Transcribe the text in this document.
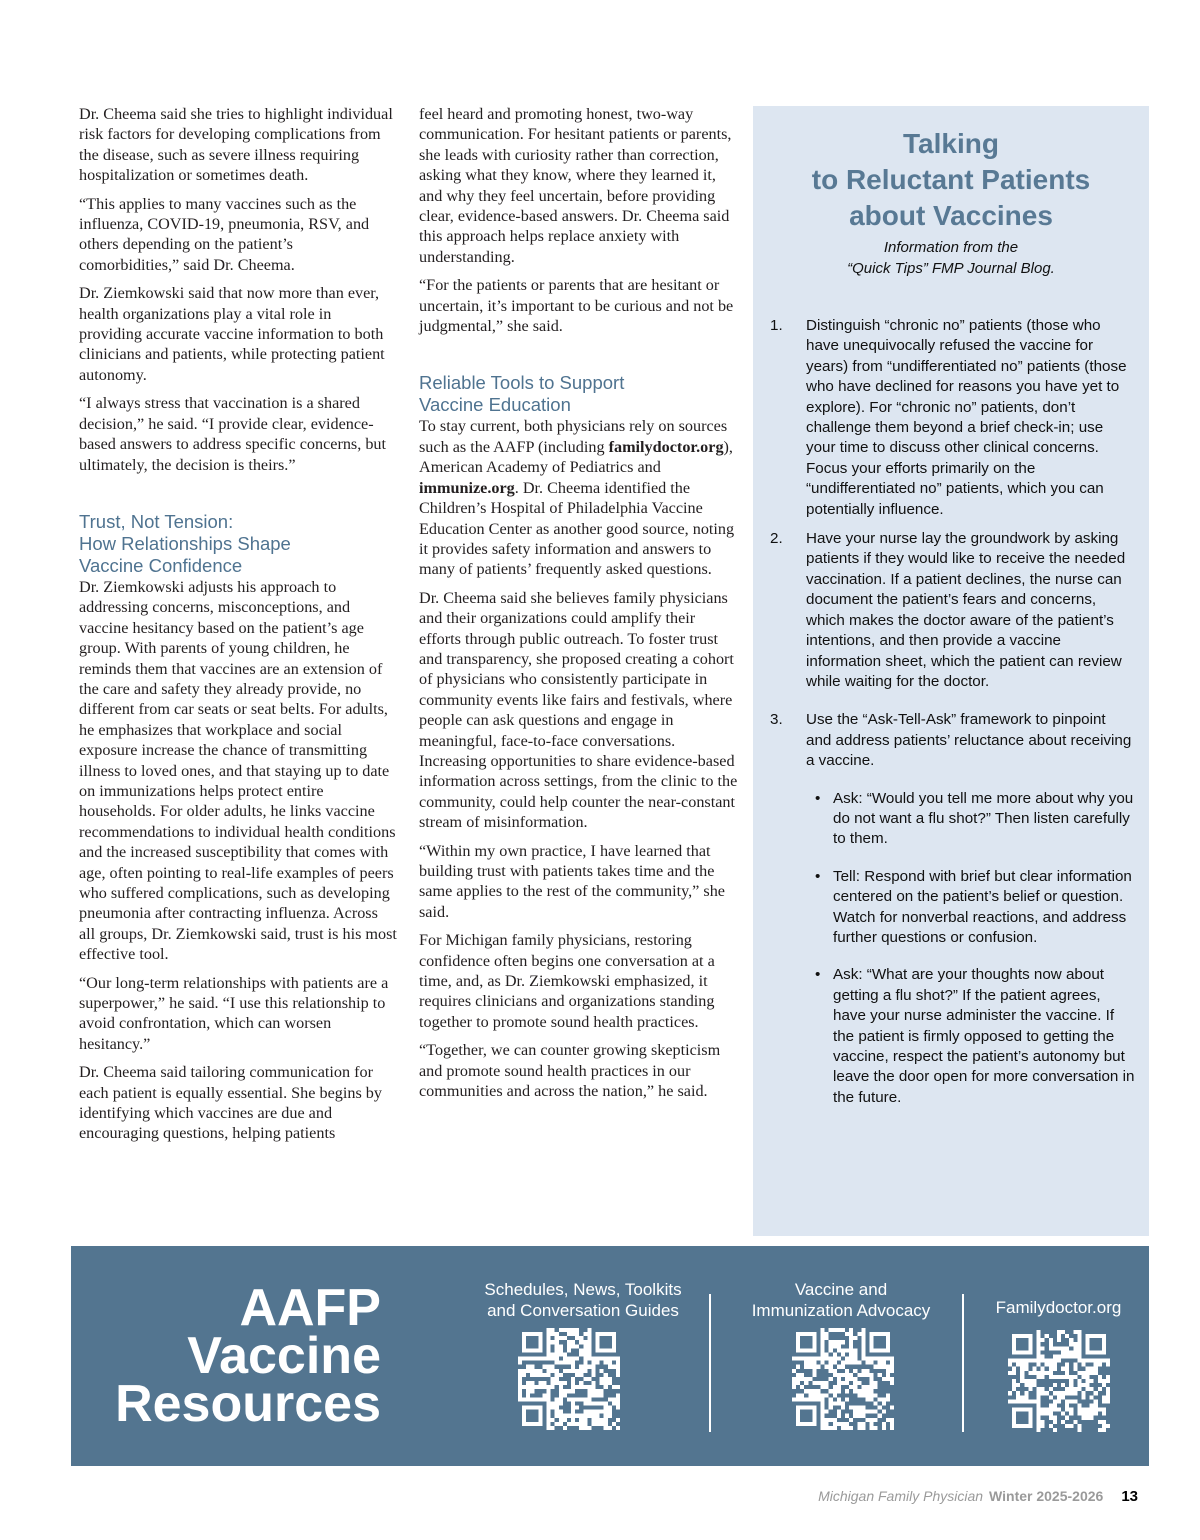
Dr. Cheema said she tries to highlight individual risk factors for developing complications from the disease, such as severe illness requiring hospitalization or sometimes death.

“This applies to many vaccines such as the influenza, COVID-19, pneumonia, RSV, and others depending on the patient’s comorbidities,” said Dr. Cheema.

Dr. Ziemkowski said that now more than ever, health organizations play a vital role in providing accurate vaccine information to both clinicians and patients, while protecting patient autonomy.

“I always stress that vaccination is a shared decision,” he said. “I provide clear, evidence-based answers to address specific concerns, but ultimately, the decision is theirs.”

Trust, Not Tension:
How Relationships Shape
Vaccine Confidence

Dr. Ziemkowski adjusts his approach to addressing concerns, misconceptions, and vaccine hesitancy based on the patient’s age group. With parents of young children, he reminds them that vaccines are an extension of the care and safety they already provide, no different from car seats or seat belts. For adults, he emphasizes that workplace and social exposure increase the chance of transmitting illness to loved ones, and that staying up to date on immunizations helps protect entire households. For older adults, he links vaccine recommendations to individual health conditions and the increased susceptibility that comes with age, often pointing to real-life examples of peers who suffered complications, such as developing pneumonia after contracting influenza. Across all groups, Dr. Ziemkowski said, trust is his most effective tool.

“Our long-term relationships with patients are a superpower,” he said. “I use this relationship to avoid confrontation, which can worsen hesitancy.”

Dr. Cheema said tailoring communication for each patient is equally essential. She begins by identifying which vaccines are due and encouraging questions, helping patients

feel heard and promoting honest, two-way communication. For hesitant patients or parents, she leads with curiosity rather than correction, asking what they know, where they learned it, and why they feel uncertain, before providing clear, evidence-based answers. Dr. Cheema said this approach helps replace anxiety with understanding.

“For the patients or parents that are hesitant or uncertain, it’s important to be curious and not be judgmental,” she said.

Reliable Tools to Support
Vaccine Education

To stay current, both physicians rely on sources such as the AAFP (including familydoctor.org), American Academy of Pediatrics and immunize.org. Dr. Cheema identified the Children’s Hospital of Philadelphia Vaccine Education Center as another good source, noting it provides safety information and answers to many of patients’ frequently asked questions.

Dr. Cheema said she believes family physicians and their organizations could amplify their efforts through public outreach. To foster trust and transparency, she proposed creating a cohort of physicians who consistently participate in community events like fairs and festivals, where people can ask questions and engage in meaningful, face-to-face conversations. Increasing opportunities to share evidence-based information across settings, from the clinic to the community, could help counter the near-constant stream of misinformation.

“Within my own practice, I have learned that building trust with patients takes time and the same applies to the rest of the community,” she said.

For Michigan family physicians, restoring confidence often begins one conversation at a time, and, as Dr. Ziemkowski emphasized, it requires clinicians and organizations standing together to promote sound health practices.

“Together, we can counter growing skepticism and promote sound health practices in our communities and across the nation,” he said.

Talking
to Reluctant Patients
about Vaccines
Information from the
“Quick Tips” FMP Journal Blog.
1. Distinguish “chronic no” patients (those who have unequivocally refused the vaccine for years) from “undifferentiated no” patients (those who have declined for reasons you have yet to explore). For “chronic no” patients, don’t challenge them beyond a brief check-in; use your time to discuss other clinical concerns. Focus your efforts primarily on the “undifferentiated no” patients, which you can potentially influence.
2. Have your nurse lay the groundwork by asking patients if they would like to receive the needed vaccination. If a patient declines, the nurse can document the patient’s fears and concerns, which makes the doctor aware of the patient’s intentions, and then provide a vaccine information sheet, which the patient can review while waiting for the doctor.
3. Use the “Ask-Tell-Ask” framework to pinpoint and address patients’ reluctance about receiving a vaccine.
• Ask: “Would you tell me more about why you do not want a flu shot?” Then listen carefully to them.
• Tell: Respond with brief but clear information centered on the patient’s belief or question. Watch for nonverbal reactions, and address further questions or confusion.
• Ask: “What are your thoughts now about getting a flu shot?” If the patient agrees, have your nurse administer the vaccine. If the patient is firmly opposed to getting the vaccine, respect the patient’s autonomy but leave the door open for more conversation in the future.
AAFP
Vaccine
Resources
Schedules, News, Toolkits
and Conversation Guides
Vaccine and
Immunization Advocacy	Familydoctor.org
Michigan Family Physician Winter 2025-2026 13
